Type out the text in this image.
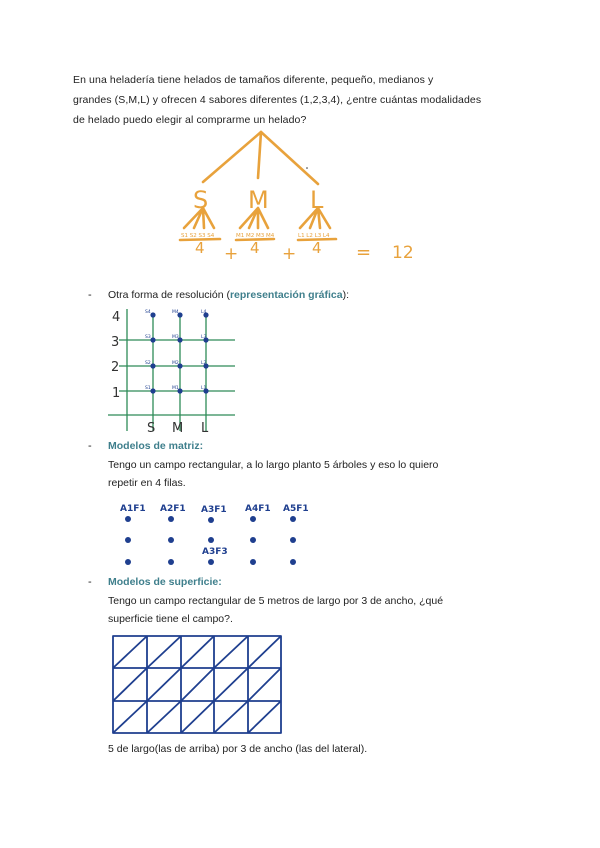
En una heladería tiene helados de tamaños diferente, pequeño, medianos y
grandes (S,M,L) y ofrecen 4 sabores diferentes (1,2,3,4), ¿entre cuántas modalidades
de helado puedo elegir al comprarme un helado?
S M L
S1 S2 S3 S4	M1 M2 M3 M4	L1 L2 L3 L4
4 + 4 + 4 = 12
- Otra forma de resolución (representación gráfica):
S4	M4	L4
S3	M3	L3
S2	M2	L2
S1	M1	L1
4
3
2
1
S M L
- Modelos de matriz:
Tengo un campo rectangular, a lo largo planto 5 árboles y eso lo quiero
repetir en 4 filas.
A1F1 A2F1 A3F1 A4F1 A5F1
A3F3
- Modelos de superficie:
Tengo un campo rectangular de 5 metros de largo por 3 de ancho, ¿qué
superficie tiene el campo?.
5 de largo(las de arriba) por 3 de ancho (las del lateral).
